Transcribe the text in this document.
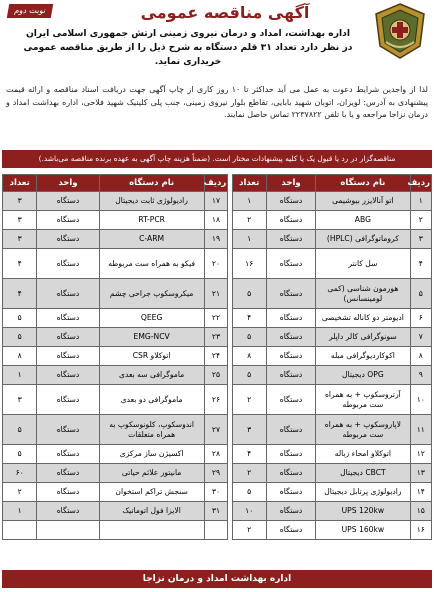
نوبت دوم	آگهی مناقصه عمومی
اداره بهداشت، امداد و درمان نیروی زمینی ارتش جمهوری اسلامی ایران
در نظر دارد تعداد ۳۱ قلم دستگاه به شرح ذیل را از طریق مناقصه عمومی
خریداری نماید.
لذا از واجدین شرایط دعوت به عمل می آید حداکثر تا ۱۰ روز کاری از چاپ آگهی جهت دریافت اسناد مناقصه و ارائه قیمت پیشنهادی به آدرس: لویزان، اتوبان شهید بابایی، تقاطع بلوار نیروی زمینی، جنب پلی کلینیک شهید فلاحی، اداره بهداشت امداد و درمان نزاجا مراجعه و یا با تلفن ۲۲۳۷۸۲۲ تماس حاصل نمایند.
مناقصه‌گزار در رد یا قبول یک یا کلیه پیشنهادات مختار است. (ضمناً هزینه چاپ آگهی به عهده برنده مناقصه می‌باشد.)
ردیف	نام دستگاه	واحد	تعداد		ردیف	نام دستگاه	واحد	تعداد
۱	اتو آنالایزر بیوشیمی	دستگاه	۱		۱۷	رادیولوژی ثابت دیجیتال	دستگاه	۳
۲	ABG	دستگاه	۲		۱۸	RT-PCR	دستگاه	۳
۳	کروماتوگرافی (HPLC)	دستگاه	۱		۱۹	C-ARM	دستگاه	۳
۴	سل کانتر	دستگاه	۱۶		۲۰	فیکو به همراه ست مربوطه	دستگاه	۴
۵	هورمون شناسی (کمی لومینسانس)	دستگاه	۵		۲۱	میکروسکوپ جراحی چشم	دستگاه	۴
۶	ادیومتر دو کاناله تشخیصی	دستگاه	۴		۲۲	QEEG	دستگاه	۵
۷	سونوگرافی کالر داپلر	دستگاه	۵		۲۳	EMG-NCV	دستگاه	۵
۸	اکوکاردیوگرافی مبله	دستگاه	۸		۲۴	اتوکلاو CSR	دستگاه	۸
۹	OPG دیجیتال	دستگاه	۵		۲۵	ماموگرافی سه بعدی	دستگاه	۱
۱۰	آرتروسکوپ + به همراه ست مربوطه	دستگاه	۲		۲۶	ماموگرافی دو بعدی	دستگاه	۳
۱۱	لاپاروسکوپ + به همراه ست مربوطه	دستگاه	۳		۲۷	اندوسکوپ، کلونوسکوپ به همراه متعلقات	دستگاه	۵
۱۲	اتوکلاو امحاء زباله	دستگاه	۴		۲۸	اکسیژن ساز مرکزی	دستگاه	۵
۱۳	CBCT دیجیتال	دستگاه	۲		۲۹	مانیتور علائم حیاتی	دستگاه	۶۰
۱۴	رادیولوژی پرتابل دیجیتال	دستگاه	۵		۳۰	سنجش تراکم استخوان	دستگاه	۲
۱۵	UPS 120kw	دستگاه	۱۰		۳۱	الایزا فول اتوماتیک	دستگاه	۱
۱۶	UPS 160kw	دستگاه	۲					
اداره بهداشت امداد و درمان نزاجا
